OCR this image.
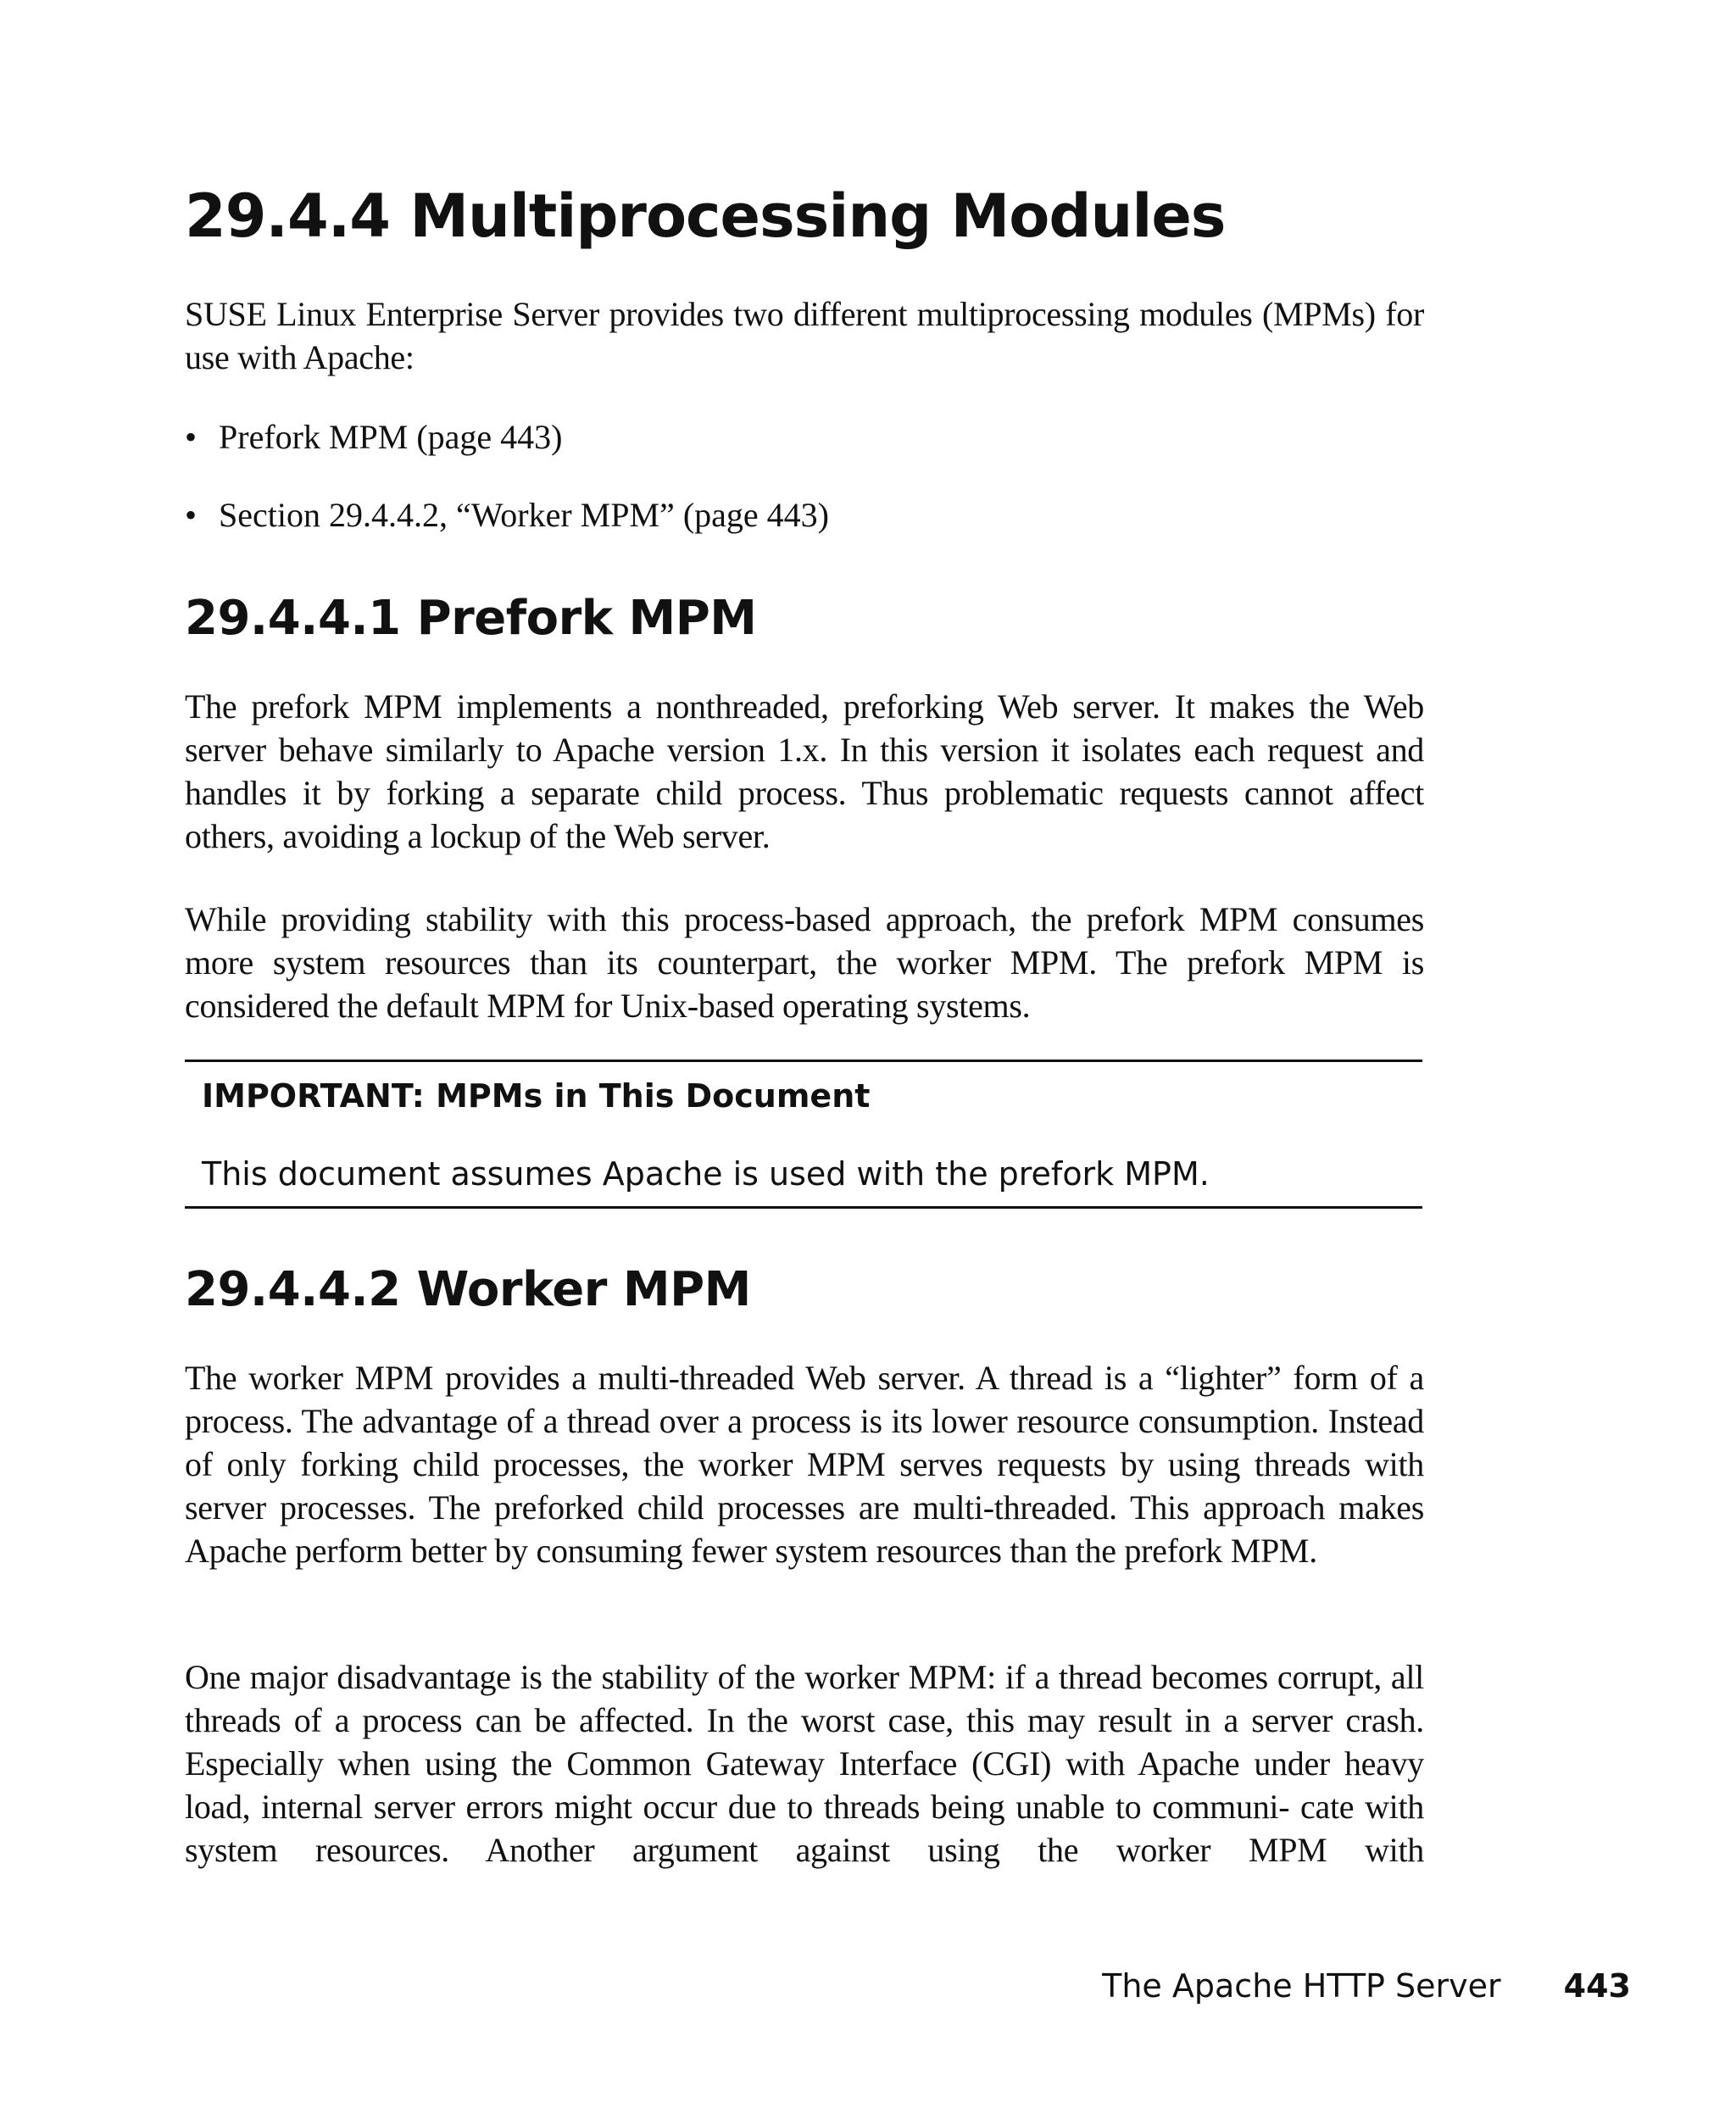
29.4.4 Multiprocessing Modules

SUSE Linux Enterprise Server provides two different multiprocessing modules (MPMs) for use with Apache:

• Prefork MPM (page 443)
• Section 29.4.4.2, “Worker MPM” (page 443)
29.4.4.1 Prefork MPM

The prefork MPM implements a nonthreaded, preforking Web server. It makes the Web server behave similarly to Apache version 1.x. In this version it isolates each request and handles it by forking a separate child process. Thus problematic requests cannot affect others, avoiding a lockup of the Web server.

While providing stability with this process-based approach, the prefork MPM consumes more system resources than its counterpart, the worker MPM. The prefork MPM is considered the default MPM for Unix-based operating systems.

IMPORTANT: MPMs in This Document
This document assumes Apache is used with the prefork MPM.
29.4.4.2 Worker MPM

The worker MPM provides a multi-threaded Web server. A thread is a “lighter” form of a process. The advantage of a thread over a process is its lower resource consumption. Instead of only forking child processes, the worker MPM serves requests by using threads with server processes. The preforked child processes are multi-threaded. This approach makes Apache perform better by consuming fewer system resources than the prefork MPM.

One major disadvantage is the stability of the worker MPM: if a thread becomes corrupt, all threads of a process can be affected. In the worst case, this may result in a server crash. Especially when using the Common Gateway Interface (CGI) with Apache under heavy load, internal server errors might occur due to threads being unable to communi- cate with system resources. Another argument against using the worker MPM with

The Apache HTTP Server 443
